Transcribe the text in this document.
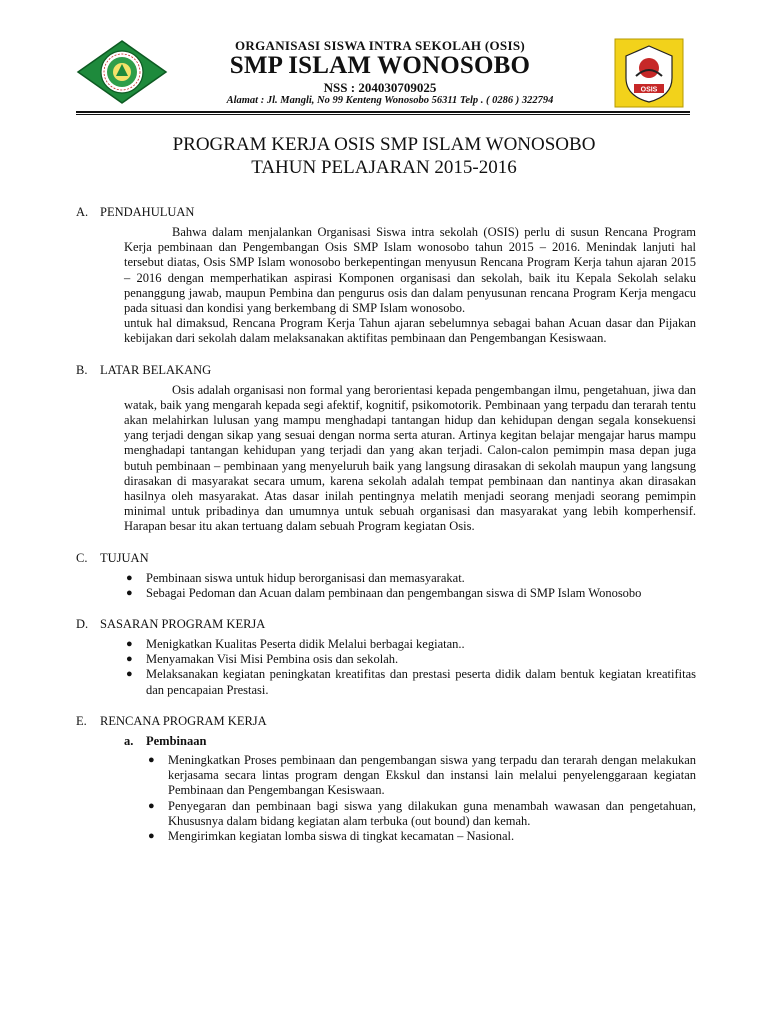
ORGANISASI SISWA INTRA SEKOLAH (OSIS)
SMP ISLAM WONOSOBO
NSS : 204030709025
Alamat : Jl. Mangli, No 99 Kenteng Wonosobo 56311 Telp . ( 0286 ) 322794
OSIS
PROGRAM KERJA OSIS SMP ISLAM WONOSOBO
TAHUN PELAJARAN 2015-2016
A. PENDAHULUAN

Bahwa dalam menjalankan Organisasi Siswa intra sekolah (OSIS) perlu di susun Rencana Program Kerja pembinaan dan Pengembangan Osis SMP Islam wonosobo tahun 2015 – 2016. Menindak lanjuti hal tersebut diatas, Osis SMP Islam wonosobo berkepentingan menyusun Rencana Program Kerja tahun ajaran 2015 – 2016 dengan memperhatikan aspirasi Komponen organisasi dan sekolah, baik itu Kepala Sekolah selaku penanggung jawab, maupun Pembina dan pengurus osis dan dalam penyusunan rencana Program Kerja mengacu pada situasi dan kondisi yang berkembang di SMP Islam wonosobo.

untuk hal dimaksud, Rencana Program Kerja Tahun ajaran sebelumnya sebagai bahan Acuan dasar dan Pijakan kebijakan dari sekolah dalam melaksanakan aktifitas pembinaan dan Pengembangan Kesiswaan.

B. LATAR BELAKANG

Osis adalah organisasi non formal yang berorientasi kepada pengembangan ilmu, pengetahuan, jiwa dan watak, baik yang mengarah kepada segi afektif, kognitif, psikomotorik. Pembinaan yang terpadu dan terarah tentu akan melahirkan lulusan yang mampu menghadapi tantangan hidup dan kehidupan dengan segala konsekuensi yang terjadi dengan sikap yang sesuai dengan norma serta aturan. Artinya kegitan belajar mengajar harus mampu menghadapi tantangan kehidupan yang terjadi dan yang akan terjadi. Calon-calon pemimpin masa depan juga butuh pembinaan – pembinaan yang menyeluruh baik yang langsung dirasakan di sekolah maupun yang langsung dirasakan di masyarakat secara umum, karena sekolah adalah tempat pembinaan dan nantinya akan dirasakan hasilnya oleh masyarakat. Atas dasar inilah pentingnya melatih menjadi seorang menjadi seorang pemimpin minimal untuk pribadinya dan umumnya untuk sebuah organisasi dan masyarakat yang lebih komperhensif. Harapan besar itu akan tertuang dalam sebuah Program kegiatan Osis.

C. TUJUAN
● Pembinaan siswa untuk hidup berorganisasi dan memasyarakat.
● Sebagai Pedoman dan Acuan dalam pembinaan dan pengembangan siswa di SMP Islam Wonosobo
D. SASARAN PROGRAM KERJA
● Menigkatkan Kualitas Peserta didik Melalui berbagai kegiatan..
● Menyamakan Visi Misi Pembina osis dan sekolah.
● Melaksanakan kegiatan peningkatan kreatifitas dan prestasi peserta didik dalam bentuk kegiatan kreatifitas dan pencapaian Prestasi.
E. RENCANA PROGRAM KERJA
a. Pembinaan
● Meningkatkan Proses pembinaan dan pengembangan siswa yang terpadu dan terarah dengan melakukan kerjasama secara lintas program dengan Ekskul dan instansi lain melalui penyelenggaraan kegiatan Pembinaan dan Pengembangan Kesiswaan.
● Penyegaran dan pembinaan bagi siswa yang dilakukan guna menambah wawasan dan pengetahuan, Khususnya dalam bidang kegiatan alam terbuka (out bound) dan kemah.
● Mengirimkan kegiatan lomba siswa di tingkat kecamatan – Nasional.
